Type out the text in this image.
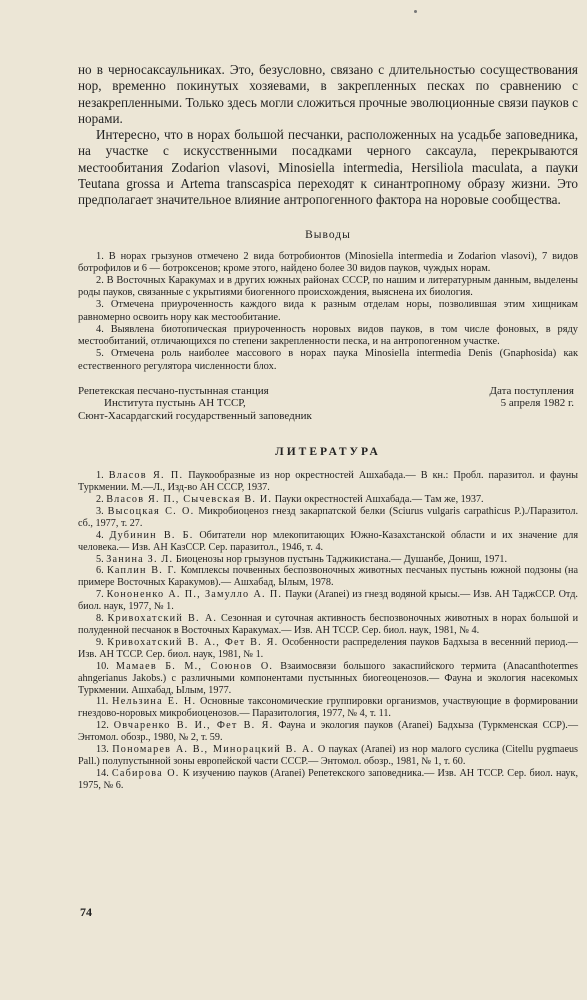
но в черносаксаульниках. Это, безусловно, связано с длительностью сосуществования нор, временно покинутых хозяевами, в закрепленных песках по сравнению с незакрепленными. Только здесь могли сложиться прочные эволюционные связи пауков с норами.

Интересно, что в норах большой песчанки, расположенных на усадьбе заповедника, на участке с искусственными посадками черного саксаула, перекрываются местообитания Zodarion vlasovi, Minosiella intermedia, Hersiliola maculata, а пауки Teutana grossa и Artema transcaspica переходят к синантропному образу жизни. Это предполагает значительное влияние антропогенного фактора на норовые сообщества.

Выводы

1. В норах грызунов отмечено 2 вида ботробионтов (Minosiella intermedia и Zodarion vlasovi), 7 видов ботрофилов и 6 — ботроксенов; кроме этого, найдено более 30 видов пауков, чуждых норам.

2. В Восточных Каракумах и в других южных районах СССР, по нашим и литературным данным, выделены роды пауков, связанные с укрытиями биогенного происхождения, выяснена их биология.

3. Отмечена приуроченность каждого вида к разным отделам норы, позволившая этим хищникам равномерно освоить нору как местообитание.

4. Выявлена биотопическая приуроченность норовых видов пауков, в том числе фоновых, в ряду местообитаний, отличающихся по степени закрепленности песка, и на антропогенном участке.

5. Отмечена роль наиболее массового в норах паука Minosiella intermedia Denis (Gnaphosida) как естественного регулятора численности блох.

Репетекская песчано-пустынная станция
Института пустынь АН ТССР,
Сюнт-Хасардагский государственный заповедник
Дата поступления
5 апреля 1982 г.
ЛИТЕРАТУРА

1. Власов Я. П. Паукообразные из нор окрестностей Ашхабада.— В кн.: Пробл. паразитол. и фауны Туркмении. М.—Л., Изд-во АН СССР, 1937.

2. Власов Я. П., Сычевская В. И. Пауки окрестностей Ашхабада.— Там же, 1937.

3. Высоцкая С. О. Микробиоценоз гнезд закарпатской белки (Sciurus vulgaris carpathicus P.)./Паразитол. сб., 1977, т. 27.

4. Дубинин В. Б. Обитатели нор млекопитающих Южно-Казахстанской области и их значение для человека.— Изв. АН КазССР. Сер. паразитол., 1946, т. 4.

5. Занина З. Л. Биоценозы нор грызунов пустынь Таджикистана.— Душанбе, Дониш, 1971.

6. Каплин В. Г. Комплексы почвенных беспозвоночных животных песчаных пустынь южной подзоны (на примере Восточных Каракумов).— Ашхабад, Ылым, 1978.

7. Кононенко А. П., Замулло А. П. Пауки (Aranei) из гнезд водяной крысы.— Изв. АН ТаджССР. Отд. биол. наук, 1977, № 1.

8. Кривохатский В. А. Сезонная и суточная активность беспозвоночных животных в норах большой и полуденной песчанок в Восточных Каракумах.— Изв. АН ТССР. Сер. биол. наук, 1981, № 4.

9. Кривохатский В. А., Фет В. Я. Особенности распределения пауков Бадхыза в весенний период.— Изв. АН ТССР. Сер. биол. наук, 1981, № 1.

10. Мамаев Б. М., Союнов О. Взаимосвязи большого закаспийского термита (Anacanthotermes ahngerianus Jakobs.) с различными компонентами пустынных биогеоценозов.— Фауна и экология насекомых Туркмении. Ашхабад, Ылым, 1977.

11. Нельзина Е. Н. Основные таксономические группировки организмов, участвующие в формировании гнездово-норовых микробиоценозов.— Паразитология, 1977, № 4, т. 11.

12. Овчаренко В. И., Фет В. Я. Фауна и экология пауков (Aranei) Бадхыза (Туркменская ССР).— Энтомол. обозр., 1980, № 2, т. 59.

13. Пономарев А. В., Минорацкий В. А. О пауках (Aranei) из нор малого суслика (Citellu pygmaeus Pall.) полупустынной зоны европейской части СССР.— Энтомол. обозр., 1981, № 1, т. 60.

14. Сабирова О. К изучению пауков (Aranei) Репетекского заповедника.— Изв. АН ТССР. Сер. биол. наук, 1975, № 6.

74
